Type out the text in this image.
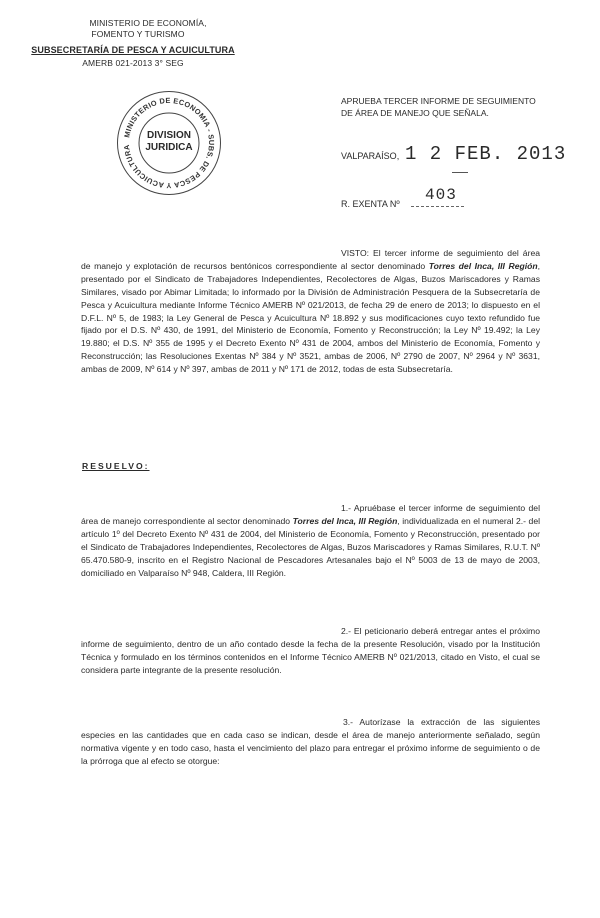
MINISTERIO DE ECONOMÍA,
FOMENTO Y TURISMO
SUBSECRETARÍA DE PESCA Y ACUICULTURA
AMERB 021-2013 3° SEG
MINISTERIO DE ECONOMIA - SUBS. DE PESCA Y ACUICULTURA
DIVISION
JURIDICA
APRUEBA TERCER INFORME DE SEGUIMIENTO
DE ÁREA DE MANEJO QUE SEÑALA.
VALPARAÍSO, 1 2 FEB. 2013
403
R. EXENTA Nº
VISTO: El tercer informe de seguimiento del área de manejo y explotación de recursos bentónicos correspondiente al sector denominado Torres del Inca, III Región, presentado por el Sindicato de Trabajadores Independientes, Recolectores de Algas, Buzos Mariscadores y Ramas Similares, visado por Abimar Limitada; lo informado por la División de Administración Pesquera de la Subsecretaría de Pesca y Acuicultura mediante Informe Técnico AMERB Nº 021/2013, de fecha 29 de enero de 2013; lo dispuesto en el D.F.L. Nº 5, de 1983; la Ley General de Pesca y Acuicultura Nº 18.892 y sus modificaciones cuyo texto refundido fue fijado por el D.S. Nº 430, de 1991, del Ministerio de Economía, Fomento y Reconstrucción; la Ley Nº 19.492; la Ley 19.880; el D.S. Nº 355 de 1995 y el Decreto Exento Nº 431 de 2004, ambos del Ministerio de Economía, Fomento y Reconstrucción; las Resoluciones Exentas Nº 384 y Nº 3521, ambas de 2006, Nº 2790 de 2007, Nº 2964 y Nº 3631, ambas de 2009, Nº 614 y Nº 397, ambas de 2011 y Nº 171 de 2012, todas de esta Subsecretaría.
RESUELVO:
1.- Apruébase el tercer informe de seguimiento del área de manejo correspondiente al sector denominado Torres del Inca, III Región, individualizada en el numeral 2.- del artículo 1º del Decreto Exento Nº 431 de 2004, del Ministerio de Economía, Fomento y Reconstrucción, presentado por el Sindicato de Trabajadores Independientes, Recolectores de Algas, Buzos Mariscadores y Ramas Similares, R.U.T. Nº 65.470.580-9, inscrito en el Registro Nacional de Pescadores Artesanales bajo el Nº 5003 de 13 de mayo de 2003, domiciliado en Valparaíso Nº 948, Caldera, III Región.
2.- El peticionario deberá entregar antes el próximo informe de seguimiento, dentro de un año contado desde la fecha de la presente Resolución, visado por la Institución Técnica y formulado en los términos contenidos en el Informe Técnico AMERB Nº 021/2013, citado en Visto, el cual se considera parte integrante de la presente resolución.
3.- Autorízase la extracción de las siguientes especies en las cantidades que en cada caso se indican, desde el área de manejo anteriormente señalado, según normativa vigente y en todo caso, hasta el vencimiento del plazo para entregar el próximo informe de seguimiento o de la prórroga que al efecto se otorgue:
